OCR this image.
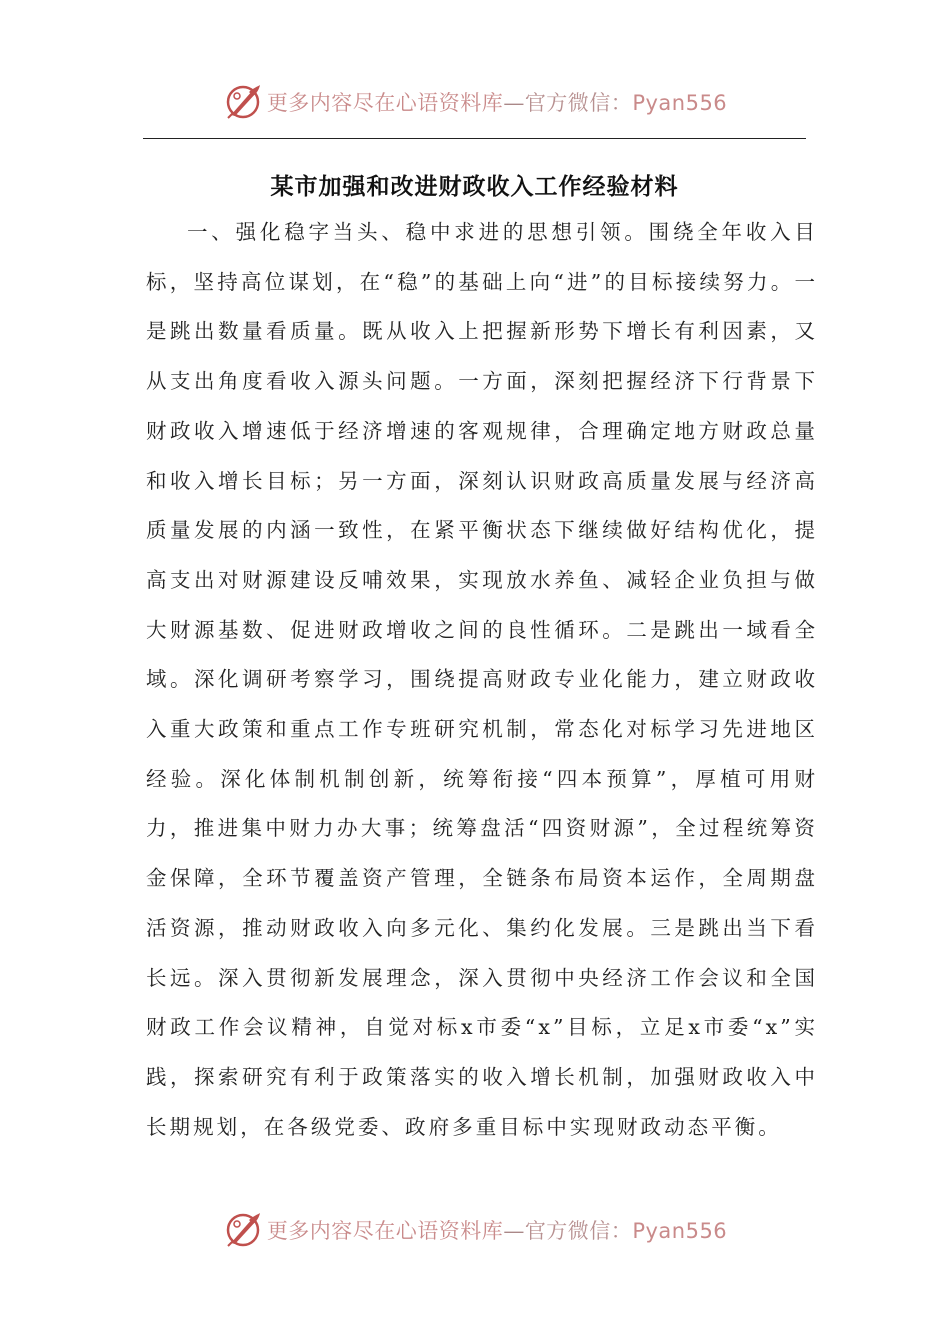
更多内容尽在心语资料库—官方微信：Pyan556
某市加强和改进财政收入工作经验材料

一、强化稳字当头、稳中求进的思想引领。围绕全年收入目标，坚持高位谋划，在“稳”的基础上向“进”的目标接续努力。一是跳出数量看质量。既从收入上把握新形势下增长有利因素，又从支出角度看收入源头问题。一方面，深刻把握经济下行背景下财政收入增速低于经济增速的客观规律，合理确定地方财政总量和收入增长目标；另一方面，深刻认识财政高质量发展与经济高质量发展的内涵一致性，在紧平衡状态下继续做好结构优化，提高支出对财源建设反哺效果，实现放水养鱼、减轻企业负担与做大财源基数、促进财政增收之间的良性循环。二是跳出一域看全域。深化调研考察学习，围绕提高财政专业化能力，建立财政收入重大政策和重点工作专班研究机制，常态化对标学习先进地区经验。深化体制机制创新，统筹衔接“四本预算”，厚植可用财力，推进集中财力办大事；统筹盘活“四资财源”，全过程统筹资金保障，全环节覆盖资产管理，全链条布局资本运作，全周期盘活资源，推动财政收入向多元化、集约化发展。三是跳出当下看长远。深入贯彻新发展理念，深入贯彻中央经济工作会议和全国财政工作会议精神，自觉对标x市委“x”目标，立足x市委“x”实践，探索研究有利于政策落实的收入增长机制，加强财政收入中长期规划，在各级党委、政府多重目标中实现财政动态平衡。

更多内容尽在心语资料库—官方微信：Pyan556
